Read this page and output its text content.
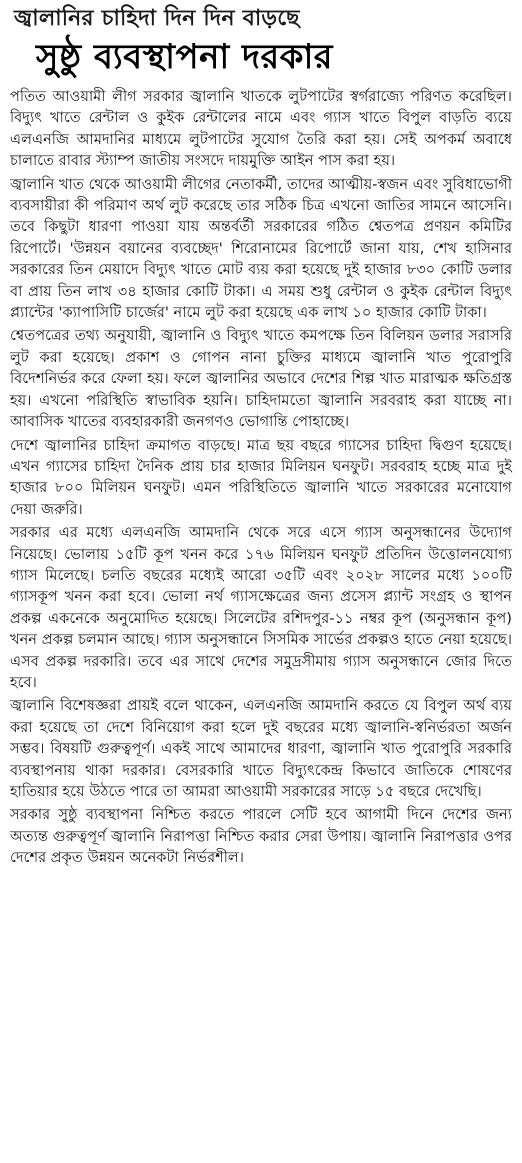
জ্বালানির চাহিদা দিন দিন বাড়ছে
সুষ্ঠু ব্যবস্থাপনা দরকার

পতিত আওয়ামী লীগ সরকার জ্বালানি খাতকে লুটপাটের স্বর্গরাজ্যে পরিণত করেছিল। বিদ্যুৎ খাতে রেন্টাল ও কুইক রেন্টালের নামে এবং গ্যাস খাতে বিপুল বাড়তি ব্যয়ে এলএনজি আমদানির মাধ্যমে লুটপাটের সুযোগ তৈরি করা হয়। সেই অপকর্ম অবাধে চালাতে রাবার স্ট্যাম্প জাতীয় সংসদে দায়মুক্তি আইন পাস করা হয়।

জ্বালানি খাত থেকে আওয়ামী লীগের নেতাকর্মী, তাদের আত্মীয়-স্বজন এবং সুবিধাভোগী ব্যবসায়ীরা কী পরিমাণ অর্থ লুট করেছে তার সঠিক চিত্র এখনো জাতির সামনে আসেনি। তবে কিছুটা ধারণা পাওয়া যায় অন্তর্বর্তী সরকারের গঠিত শ্বেতপত্র প্রণয়ন কমিটির রিপোর্টে। 'উন্নয়ন বয়ানের ব্যবচ্ছেদ' শিরোনামের রিপোর্টে জানা যায়, শেখ হাসিনার সরকারের তিন মেয়াদে বিদ্যুৎ খাতে মোট ব্যয় করা হয়েছে দুই হাজার ৮৩০ কোটি ডলার বা প্রায় তিন লাখ ৩৪ হাজার কোটি টাকা। এ সময় শুধু রেন্টাল ও কুইক রেন্টাল বিদ্যুৎ প্ল্যান্টের 'ক্যাপাসিটি চার্জের' নামে লুট করা হয়েছে এক লাখ ১০ হাজার কোটি টাকা।

শ্বেতপত্রের তথ্য অনুযায়ী, জ্বালানি ও বিদ্যুৎ খাতে কমপক্ষে তিন বিলিয়ন ডলার সরাসরি লুট করা হয়েছে। প্রকাশ ও গোপন নানা চুক্তির মাধ্যমে জ্বালানি খাত পুরোপুরি বিদেশনির্ভর করে ফেলা হয়। ফলে জ্বালানির অভাবে দেশের শিল্প খাত মারাত্মক ক্ষতিগ্রস্ত হয়। এখনো পরিস্থিতি স্বাভাবিক হয়নি। চাহিদামতো জ্বালানি সরবরাহ করা যাচ্ছে না। আবাসিক খাতের ব্যবহারকারী জনগণও ভোগান্তি পোহাচ্ছে।

দেশে জ্বালানির চাহিদা ক্রমাগত বাড়ছে। মাত্র ছয় বছরে গ্যাসের চাহিদা দ্বিগুণ হয়েছে। এখন গ্যাসের চাহিদা দৈনিক প্রায় চার হাজার মিলিয়ন ঘনফুট। সরবরাহ হচ্ছে মাত্র দুই হাজার ৮০০ মিলিয়ন ঘনফুট। এমন পরিস্থিতিতে জ্বালানি খাতে সরকারের মনোযোগ দেয়া জরুরি।

সরকার এর মধ্যে এলএনজি আমদানি থেকে সরে এসে গ্যাস অনুসন্ধানের উদ্যোগ নিয়েছে। ভোলায় ১৫টি কূপ খনন করে ১৭৬ মিলিয়ন ঘনফুট প্রতিদিন উত্তোলনযোগ্য গ্যাস মিলেছে। চলতি বছরের মধ্যেই আরো ৩৫টি এবং ২০২৮ সালের মধ্যে ১০০টি গ্যাসকূপ খনন করা হবে। ভোলা নর্থ গ্যাসক্ষেত্রের জন্য প্রসেস প্ল্যান্ট সংগ্রহ ও স্থাপন প্রকল্প একনেকে অনুমোদিত হয়েছে। সিলেটের রশিদপুর-১১ নম্বর কূপ (অনুসন্ধান কূপ) খনন প্রকল্প চলমান আছে। গ্যাস অনুসন্ধানে সিসমিক সার্ভের প্রকল্পও হাতে নেয়া হয়েছে। এসব প্রকল্প দরকারি। তবে এর সাথে দেশের সমুদ্রসীমায় গ্যাস অনুসন্ধানে জোর দিতে হবে।

জ্বালানি বিশেষজ্ঞরা প্রায়ই বলে থাকেন, এলএনজি আমদানি করতে যে বিপুল অর্থ ব্যয় করা হয়েছে তা দেশে বিনিয়োগ করা হলে দুই বছরের মধ্যে জ্বালানি-স্বনির্ভরতা অর্জন সম্ভব। বিষয়টি গুরুত্বপূর্ণ। একই সাথে আমাদের ধারণা, জ্বালানি খাত পুরোপুরি সরকারি ব্যবস্থাপনায় থাকা দরকার। বেসরকারি খাতে বিদ্যুৎকেন্দ্র কিভাবে জাতিকে শোষণের হাতিয়ার হয়ে উঠতে পারে তা আমরা আওয়ামী সরকারের সাড়ে ১৫ বছরে দেখেছি।

সরকার সুষ্ঠু ব্যবস্থাপনা নিশ্চিত করতে পারলে সেটি হবে আগামী দিনে দেশের জন্য অত্যন্ত গুরুত্বপূর্ণ জ্বালানি নিরাপত্তা নিশ্চিত করার সেরা উপায়। জ্বালানি নিরাপত্তার ওপর দেশের প্রকৃত উন্নয়ন অনেকটা নির্ভরশীল।
